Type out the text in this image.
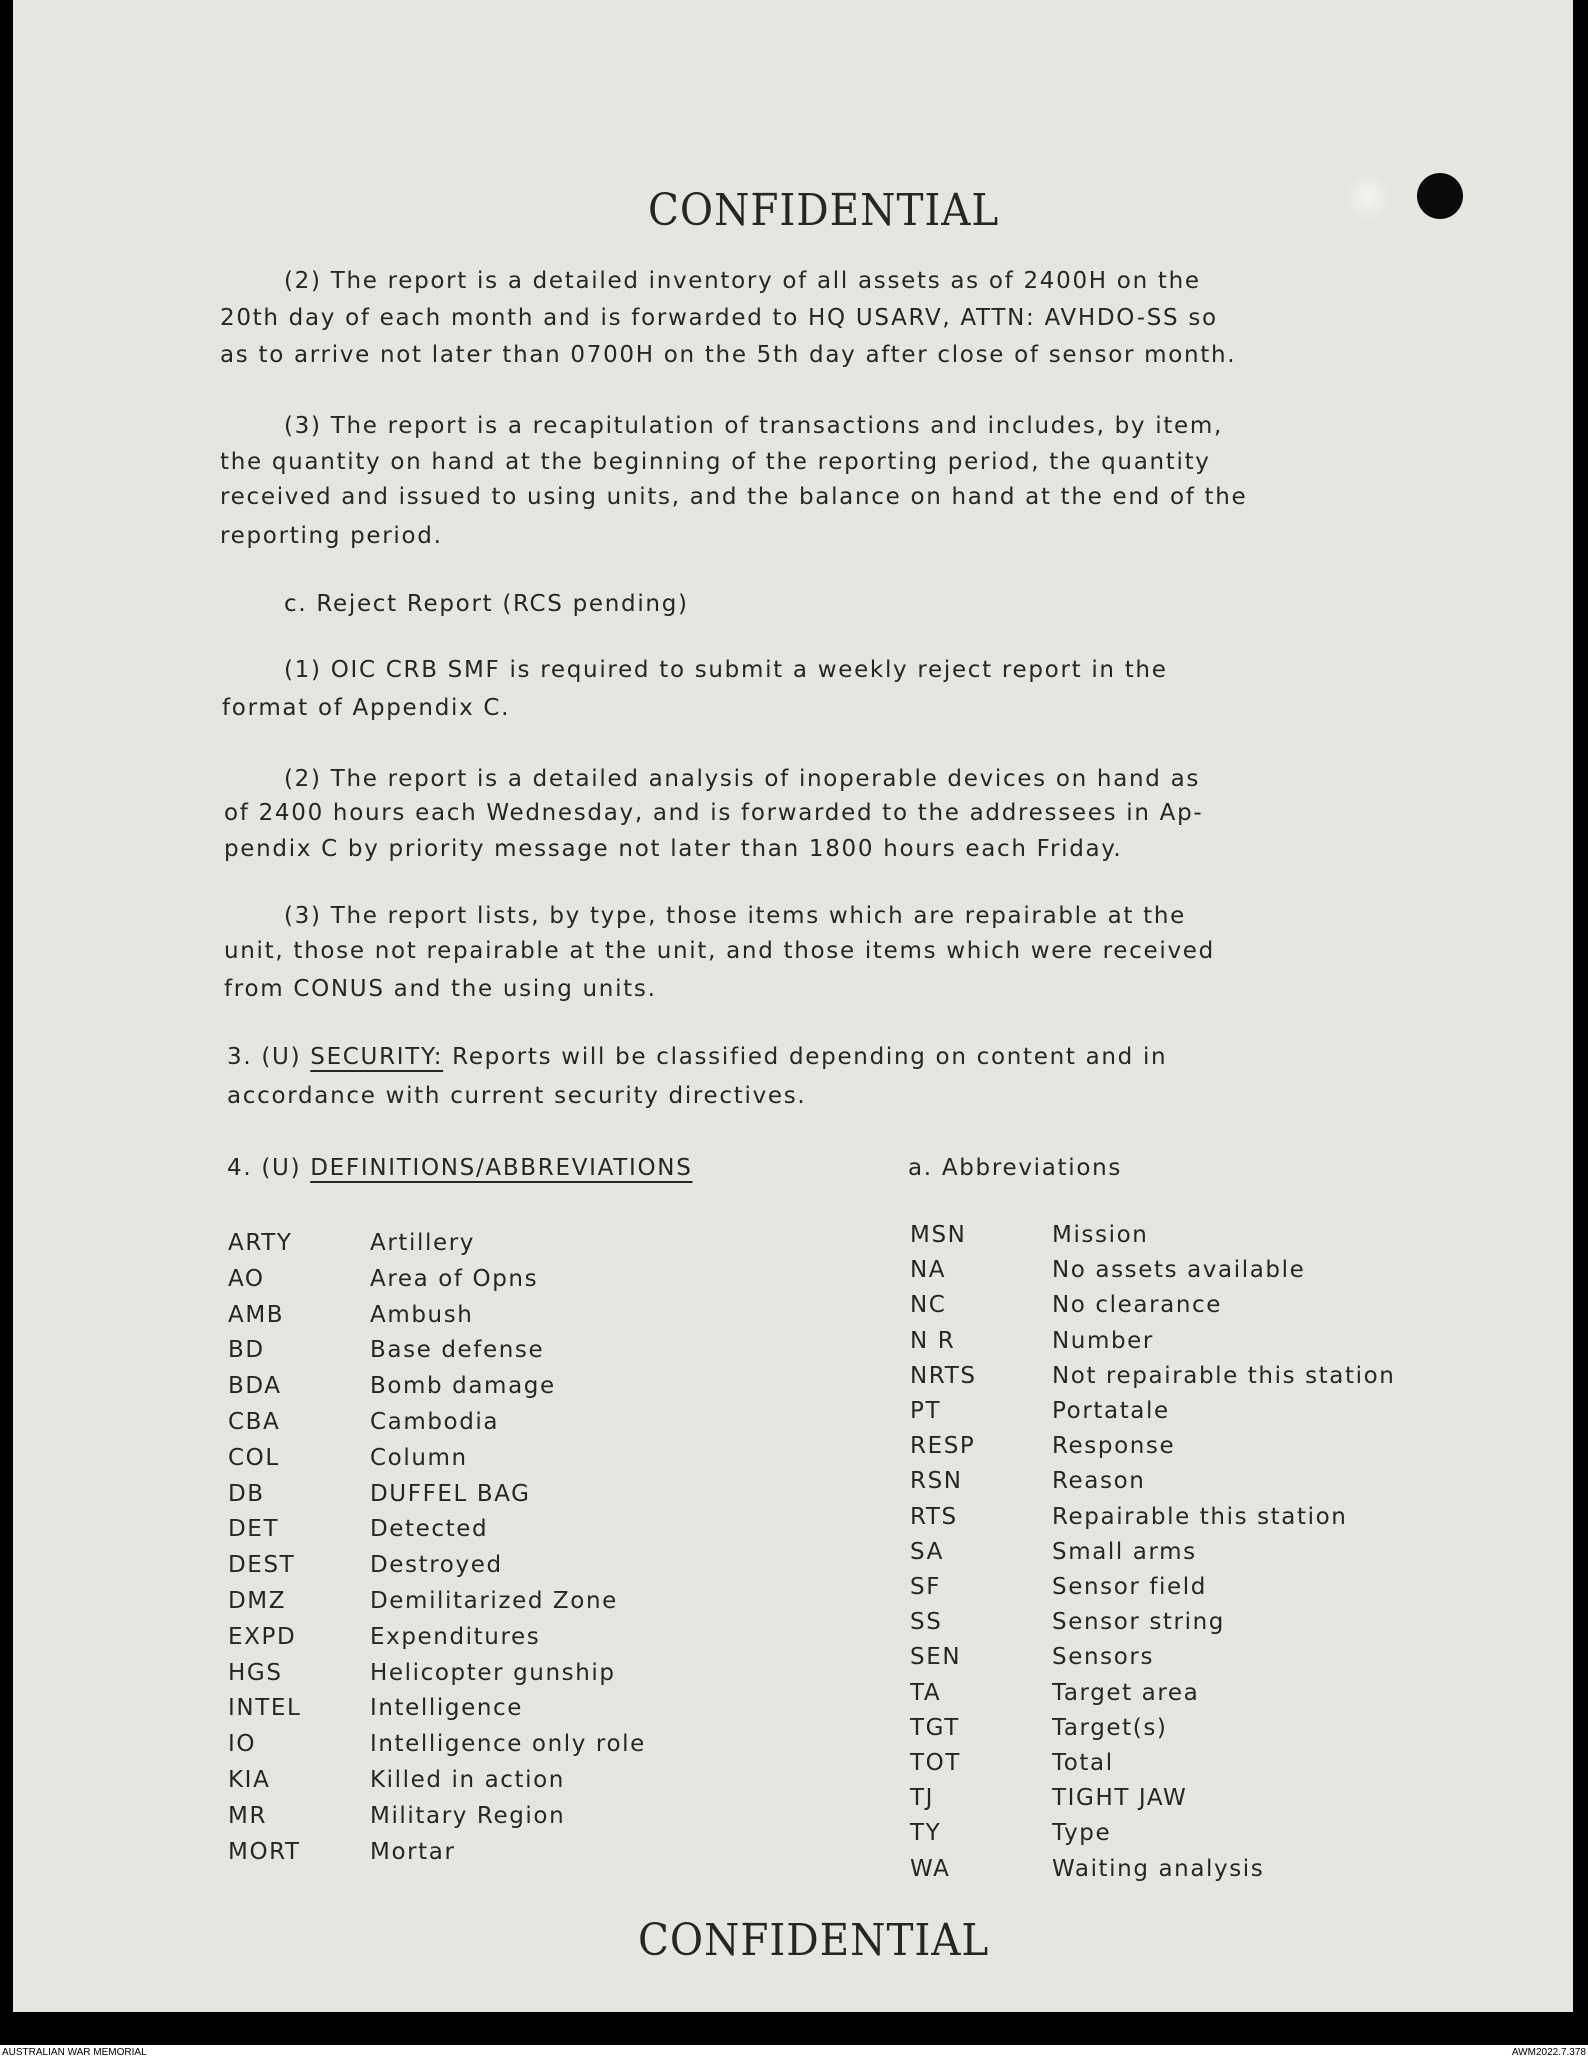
CONFIDENTIAL
(2) The report is a detailed inventory of all assets as of 2400H on the
20th day of each month and is forwarded to HQ USARV, ATTN: AVHDO-SS so
as to arrive not later than 0700H on the 5th day after close of sensor month.
(3) The report is a recapitulation of transactions and includes, by item,
the quantity on hand at the beginning of the reporting period, the quantity
received and issued to using units, and the balance on hand at the end of the
reporting period.
c. Reject Report (RCS pending)
(1) OIC CRB SMF is required to submit a weekly reject report in the
format of Appendix C.
(2) The report is a detailed analysis of inoperable devices on hand as
of 2400 hours each Wednesday, and is forwarded to the addressees in Ap-
pendix C by priority message not later than 1800 hours each Friday.
(3) The report lists, by type, those items which are repairable at the
unit, those not repairable at the unit, and those items which were received
from CONUS and the using units.
3. (U) SECURITY: Reports will be classified depending on content and in
accordance with current security directives.
4. (U) DEFINITIONS/ABBREVIATIONS	a. Abbreviations
ARTY	Artillery
AO	Area of Opns
AMB	Ambush
BD	Base defense
BDA	Bomb damage
CBA	Cambodia
COL	Column
DB	DUFFEL BAG
DET	Detected
DEST	Destroyed
DMZ	Demilitarized Zone
EXPD	Expenditures
HGS	Helicopter gunship
INTEL	Intelligence
IO	Intelligence only role
KIA	Killed in action
MR	Military Region
MORT	Mortar
MSN	Mission
NA	No assets available
NC	No clearance
N R	Number
NRTS	Not repairable this station
PT	Portatale
RESP	Response
RSN	Reason
RTS	Repairable this station
SA	Small arms
SF	Sensor field
SS	Sensor string
SEN	Sensors
TA	Target area
TGT	Target(s)
TOT	Total
TJ	TIGHT JAW
TY	Type
WA	Waiting analysis
CONFIDENTIAL
AUSTRALIAN WAR MEMORIAL	AWM2022.7.378
